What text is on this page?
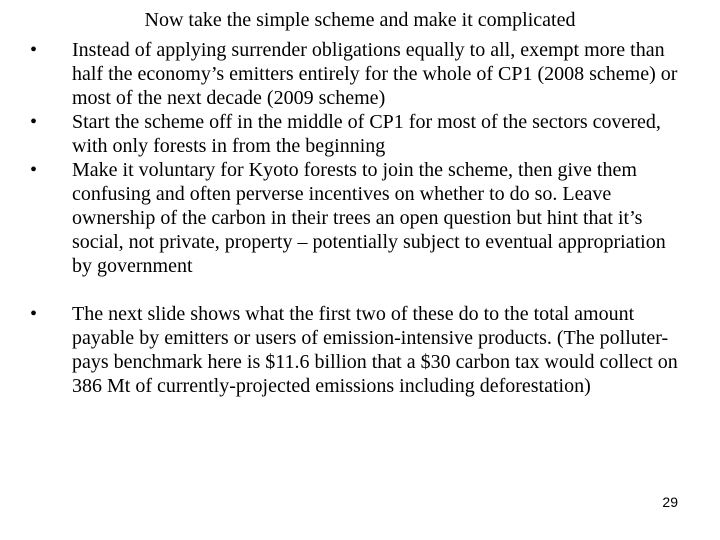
Now take the simple scheme and make it complicated
•	Instead of applying surrender obligations equally to all, exempt more than half the economy’s emitters entirely for the whole of CP1 (2008 scheme) or most of the next decade (2009 scheme)
•	Start the scheme off in the middle of CP1 for most of the sectors covered, with only forests in from the beginning
•	Make it voluntary for Kyoto forests to join the scheme, then give them confusing and often perverse incentives on whether to do so. Leave ownership of the carbon in their trees an open question but hint that it’s social, not private, property – potentially subject to eventual appropriation by government
•	The next slide shows what the first two of these do to the total amount payable by emitters or users of emission-intensive products. (The polluter-pays benchmark here is $11.6 billion that a $30 carbon tax would collect on 386 Mt of currently-projected emissions including deforestation)
29
